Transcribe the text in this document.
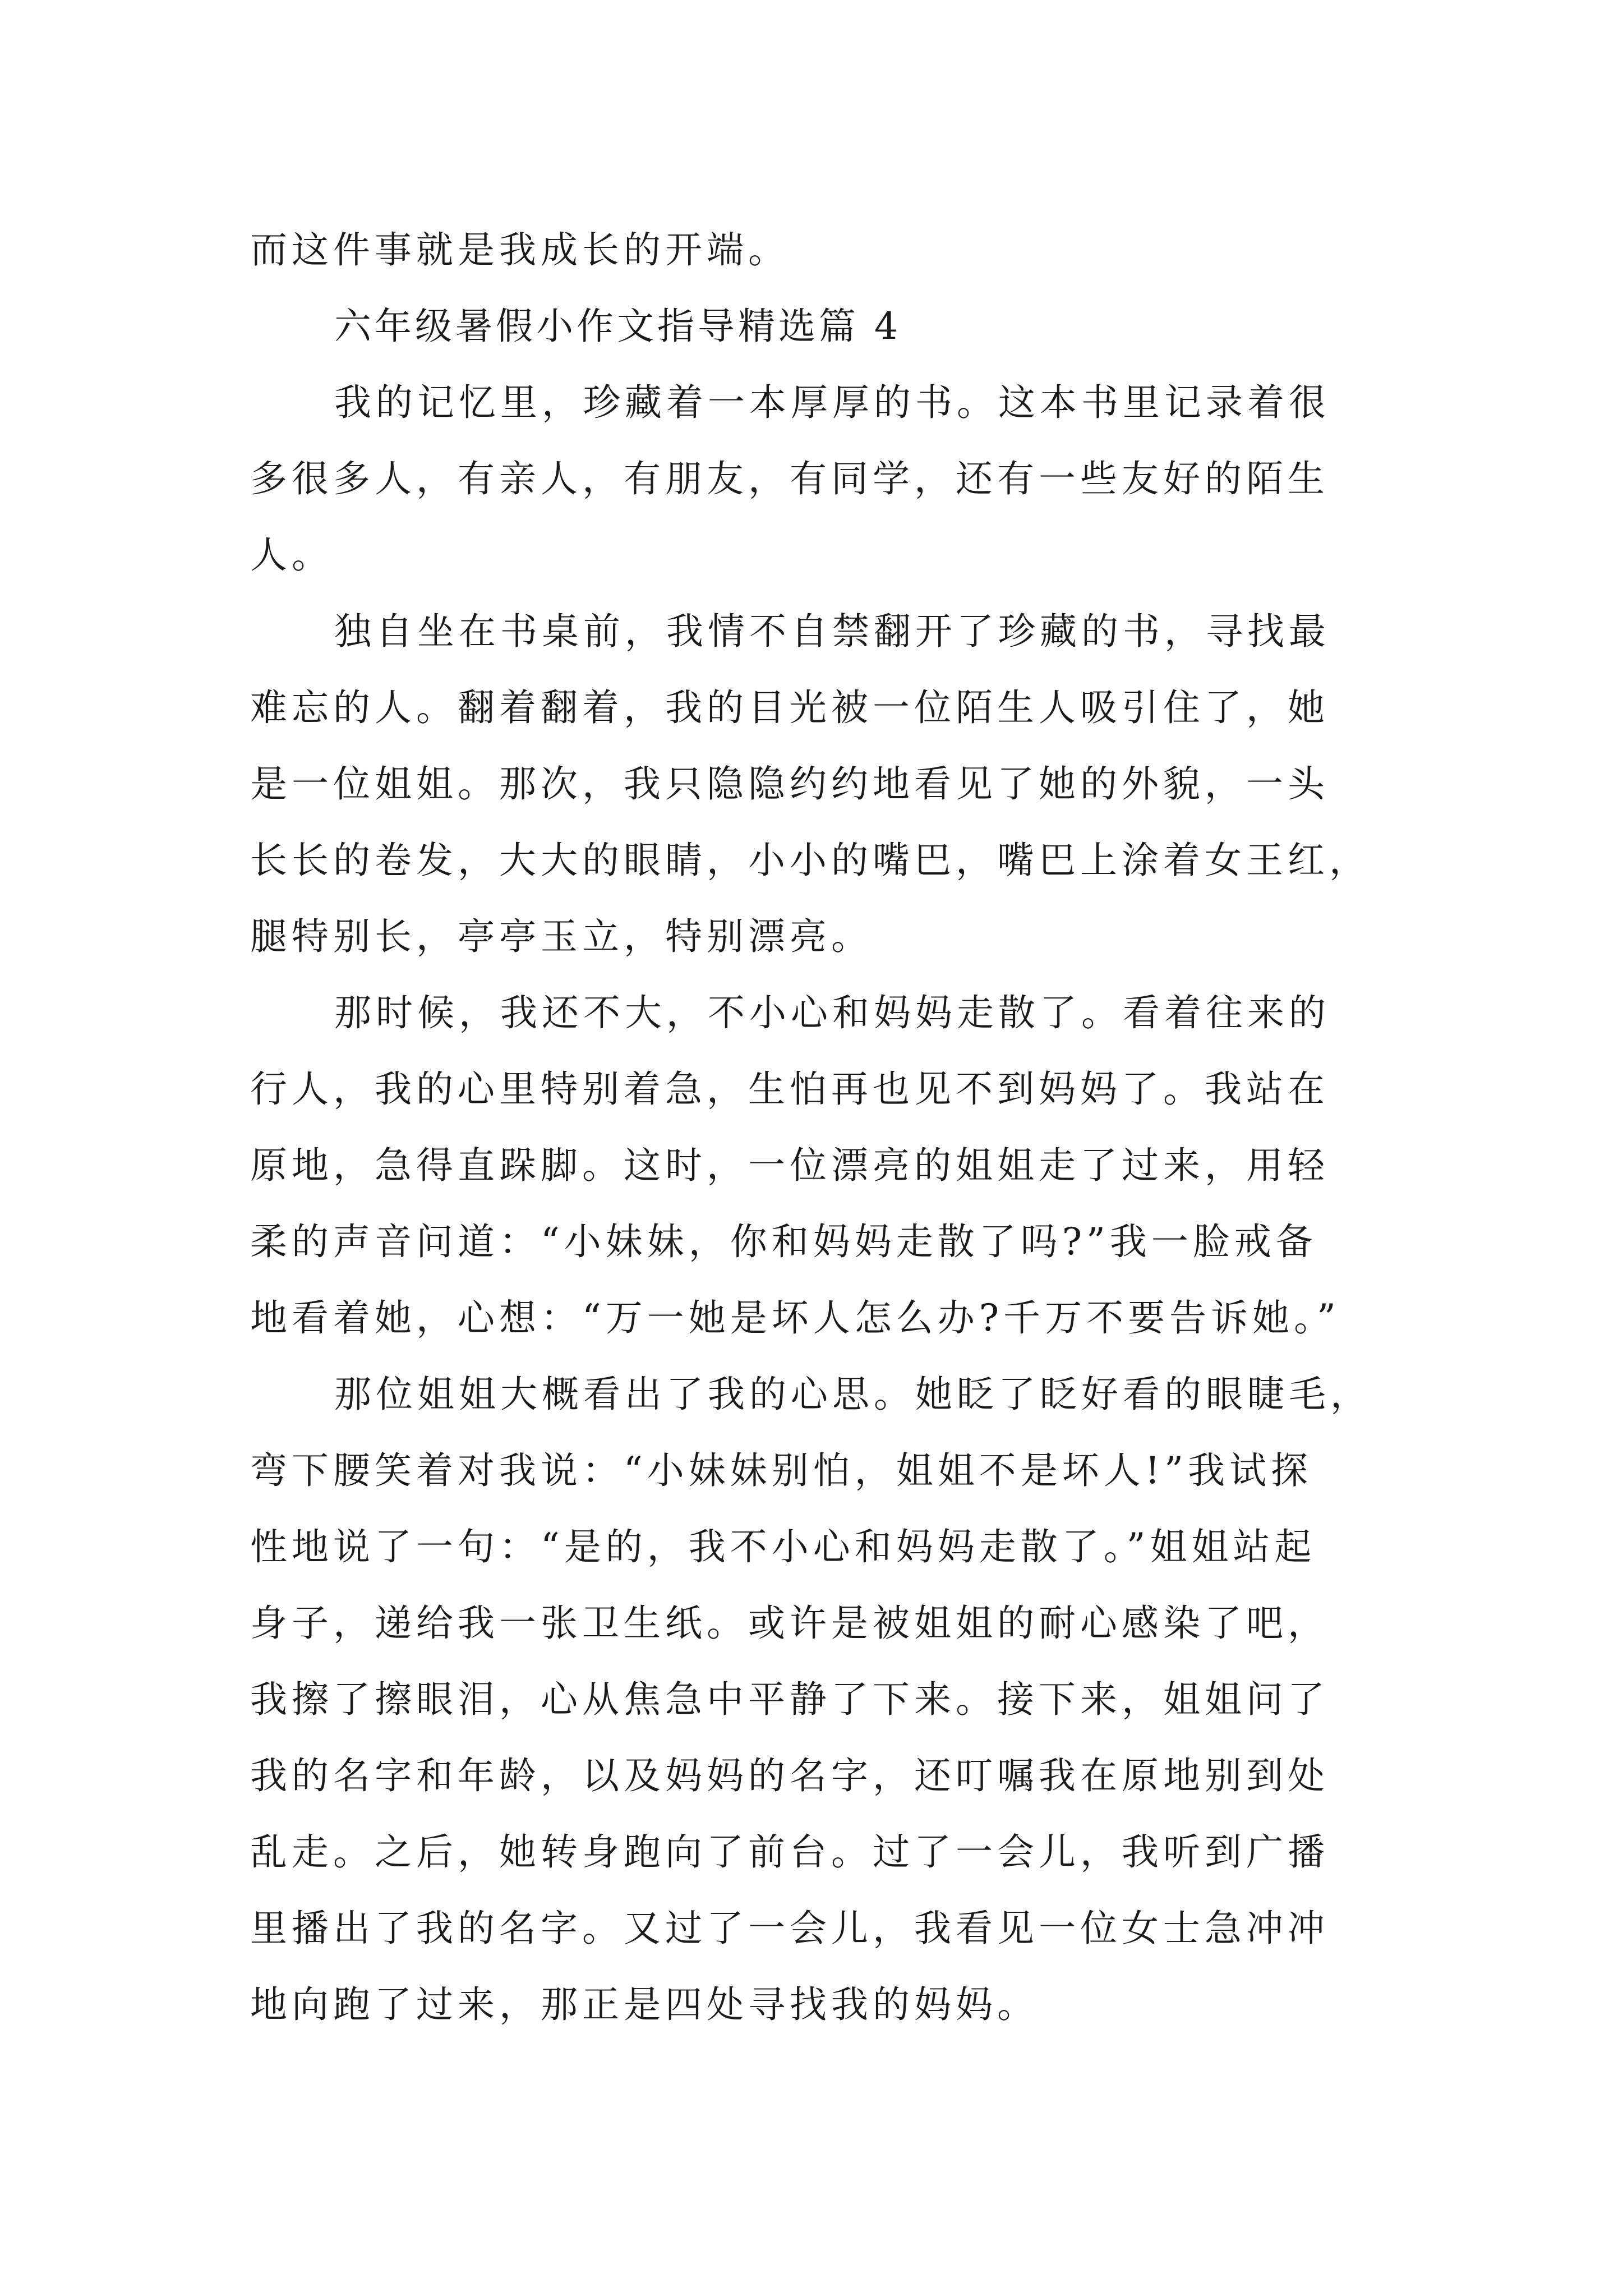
而这件事就是我成长的开端。
六年级暑假小作文指导精选篇 4
我的记忆里，珍藏着一本厚厚的书。这本书里记录着很
多很多人，有亲人，有朋友，有同学，还有一些友好的陌生
人。
独自坐在书桌前，我情不自禁翻开了珍藏的书，寻找最
难忘的人。翻着翻着，我的目光被一位陌生人吸引住了，她
是一位姐姐。那次，我只隐隐约约地看见了她的外貌，一头
长长的卷发，大大的眼睛，小小的嘴巴，嘴巴上涂着女王红，
腿特别长，亭亭玉立，特别漂亮。
那时候，我还不大，不小心和妈妈走散了。看着往来的
行人，我的心里特别着急，生怕再也见不到妈妈了。我站在
原地，急得直跺脚。这时，一位漂亮的姐姐走了过来，用轻
柔的声音问道：“小妹妹，你和妈妈走散了吗?”我一脸戒备
地看着她，心想：“万一她是坏人怎么办?千万不要告诉她。”
那位姐姐大概看出了我的心思。她眨了眨好看的眼睫毛，
弯下腰笑着对我说：“小妹妹别怕，姐姐不是坏人!”我试探
性地说了一句：“是的，我不小心和妈妈走散了。”姐姐站起
身子，递给我一张卫生纸。或许是被姐姐的耐心感染了吧，
我擦了擦眼泪，心从焦急中平静了下来。接下来，姐姐问了
我的名字和年龄，以及妈妈的名字，还叮嘱我在原地别到处
乱走。之后，她转身跑向了前台。过了一会儿，我听到广播
里播出了我的名字。又过了一会儿，我看见一位女士急冲冲
地向跑了过来，那正是四处寻找我的妈妈。
